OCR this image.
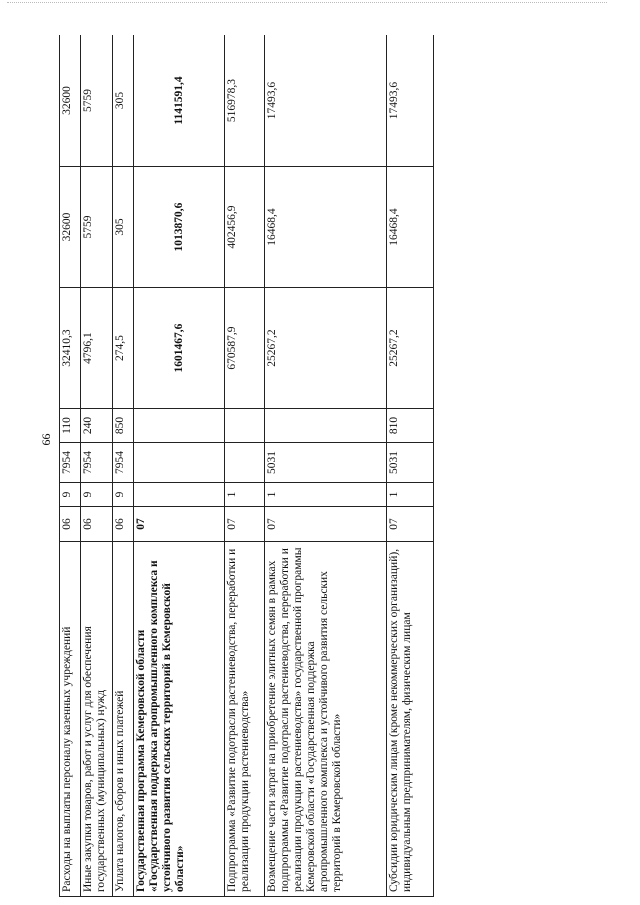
99
Расходы на выплаты персоналу казенных учреждений	06	9	7954	110	32410,3	32600	32600
Иные закупки товаров, работ и услуг для обеспечения государственных (муниципальных) нужд	06	9	7954	240	4796,1	5759	5759
Уплата налогов, сборов и иных платежей	06	9	7954	850	274,5	305	305
Государственная программа Кемеровской области «Государственная поддержка агропромышленного комплекса и устойчивого развития сельских территорий в Кемеровской области»	07				1601467,6	1013870,6	1141591,4
Подпрограмма «Развитие подотрасли растениеводства, переработки и реализации продукции растениеводства»	07	1			670587,9	402456,9	516978,3
Возмещение части затрат на приобретение элитных семян в рамках подпрограммы «Развитие подотрасли растениеводства, переработки и реализации продукции растениеводства» государственной программы Кемеровской области «Государственная поддержка агропромышленного комплекса и устойчивого развития сельских территорий в Кемеровской области»	07	1	5031		25267,2	16468,4	17493,6
Субсидии юридическим лицам (кроме некоммерческих организаций), индивидуальным предпринимателям, физическим лицам	07	1	5031	810	25267,2	16468,4	17493,6
